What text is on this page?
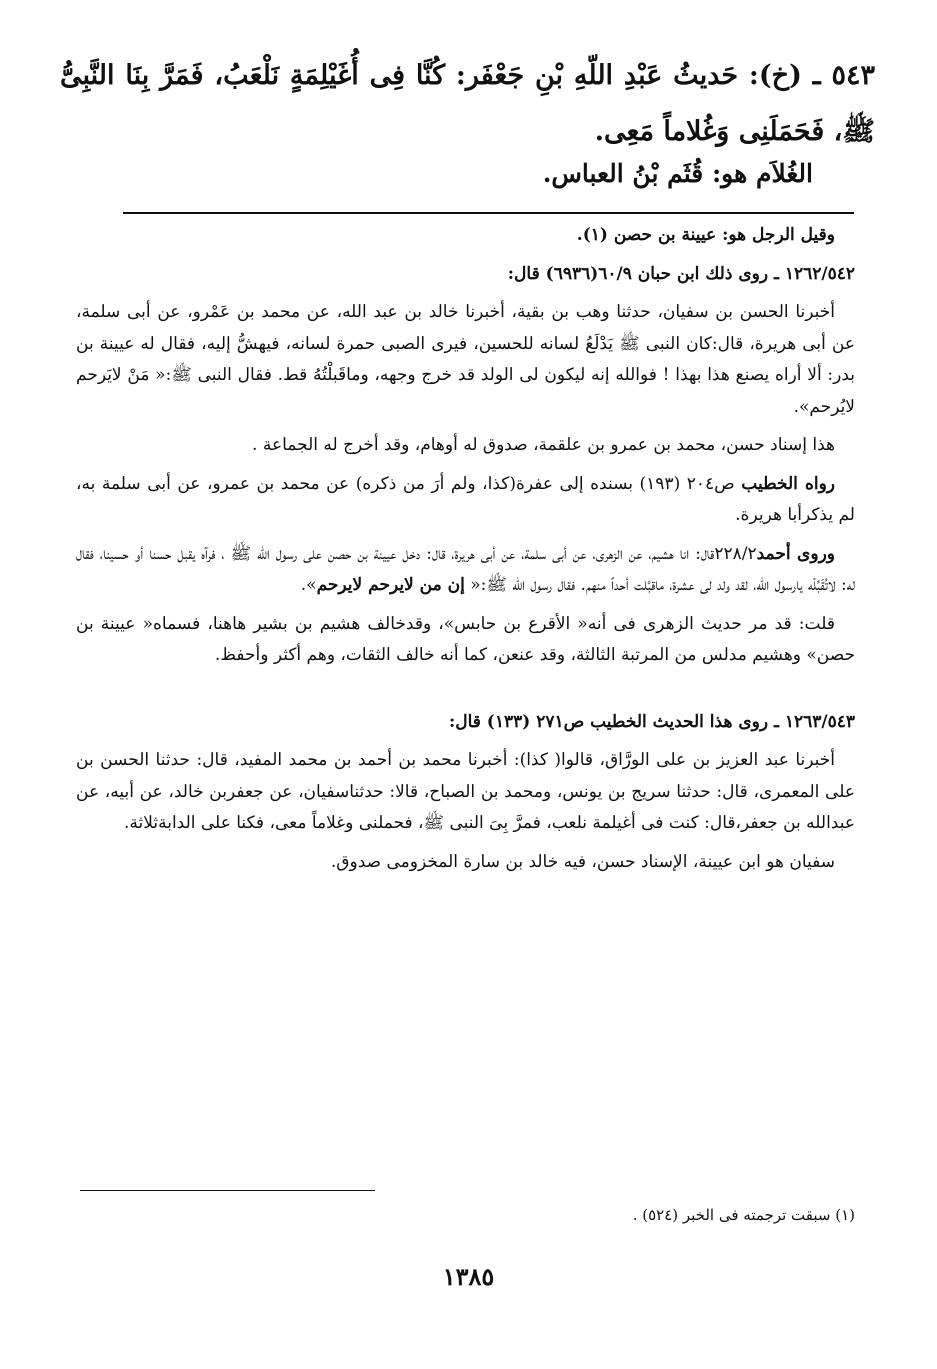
٥٤٣ ـ (خ): حَديثُ عَبْدِ اللّهِ بْنِ جَعْفَر: كُنَّا فِى أُغَيْلِمَةٍ نَلْعَبُ، فَمَرَّ بِنَا النَّبِىُّ ﷺ، فَحَمَلَنِى وَغُلاماً مَعِى.
الغُلاَم هو: قُثَم بْنُ العباس.

وقيل الرجل هو: عيينة بن حصن (١).

١٢٦٢/٥٤٢ ـ روى ذلك ابن حبان ٦٠/٩(٦٩٣٦) قال:

أخبرنا الحسن بن سفيان، حدثنا وهب بن بقية، أخبرنا خالد بن عبد الله، عن محمد بن عَمْرو، عن أبى سلمة، عن أبى هريرة، قال:كان النبى ﷺ يَدْلَعُ لسانه للحسين، فيرى الصبى حمرة لسانه، فيهشُّ إليه، فقال له عيينة بن بدر: ألا أراه يصنع هذا بهذا ! فوالله إنه ليكون لى الولد قد خرج وجهه، وماقَبلْتُهُ قط. فقال النبى ﷺ:« مَنْ لايَرحم لايُرحم».

هذا إسناد حسن، محمد بن عمرو بن علقمة، صدوق له أوهام، وقد أخرج له الجماعة .

رواه الخطيب ص٢٠٤ (١٩٣) بسنده إلى عفرة(كذا، ولم أرَ من ذكره) عن محمد بن عمرو، عن أبى سلمة به، لم يذكرأبا هريرة.

وروى أحمد٢٢٨/٢قال: انا هشيم، عن الزهرى، عن أبى سلمة، عن أبى هريرة، قال: دخل عيينة بن حصن على رسول الله ﷺ ، فرآه يقبل حسنا أو حسينا، فقال له: لاتُقَبِّلْه يارسول الله، لقد ولد لى عشرة، ماقبَّلت أحداً منهم. فقال رسول الله ﷺ:« إن من لايرحم لايرحم».

قلت: قد مر حديث الزهرى فى أنه« الأقرع بن حابس»، وقدخالف هشيم بن بشير هاهنا، فسماه« عيينة بن حصن» وهشيم مدلس من المرتبة الثالثة، وقد عنعن، كما أنه خالف الثقات، وهم أكثر وأحفظ.

١٢٦٣/٥٤٣ ـ روى هذا الحديث الخطيب ص٢٧١ (١٣٣) قال:

أخبرنا عبد العزيز بن على الورَّاق، قالوا( كذا): أخبرنا محمد بن أحمد بن محمد المفيد، قال: حدثنا الحسن بن على المعمرى، قال: حدثنا سريج بن يونس، ومحمد بن الصباح، قالا: حدثناسفيان، عن جعفربن خالد، عن أبيه، عن عبدالله بن جعفر،قال: كنت فى أغيلمة نلعب، فمرَّ بِىَ النبى ﷺ، فحملنى وغلاماً معى، فكنا على الدابةثلاثة.

سفيان هو ابن عيينة، الإسناد حسن، فيه خالد بن سارة المخزومى صدوق.

(١) سبقت ترجمته فى الخبر (٥٢٤) .
١٣٨٥
